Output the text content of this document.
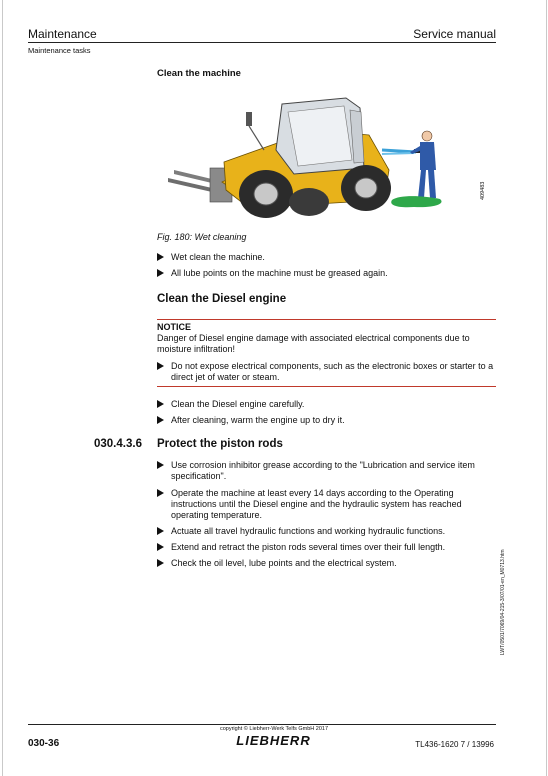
Maintenance	Service manual
Maintenance tasks
Clean the machine
409483
Fig. 180: Wet cleaning
Wet clean the machine.
All lube points on the machine must be greased again.
Clean the Diesel engine
NOTICE
Danger of Diesel engine damage with associated electrical components due to moisture infiltration!
Do not expose electrical components, such as the electronic boxes or starter to a direct jet of water or steam.
Clean the Diesel engine carefully.
After cleaning, warm the engine up to dry it.
030.4.3.6 Protect the piston rods
Use corrosion inhibitor grease according to the "Lubrication and service item specification".
Operate the machine at least every 14 days according to the Operating instructions until the Diesel engine and the hydraulic system has reached operating temperature.
Actuate all travel hydraulic functions and working hydraulic functions.
Extend and retract the piston rods several times over their full length.
Check the oil level, lube points and the electrical system.	LWT/0501/7069/04-215-3/07/01-en_M0713.htm
030-36
copyright © Liebherr-Werk Telfs GmbH 2017
LIEBHERR	TL436-1620 7 / 13996
